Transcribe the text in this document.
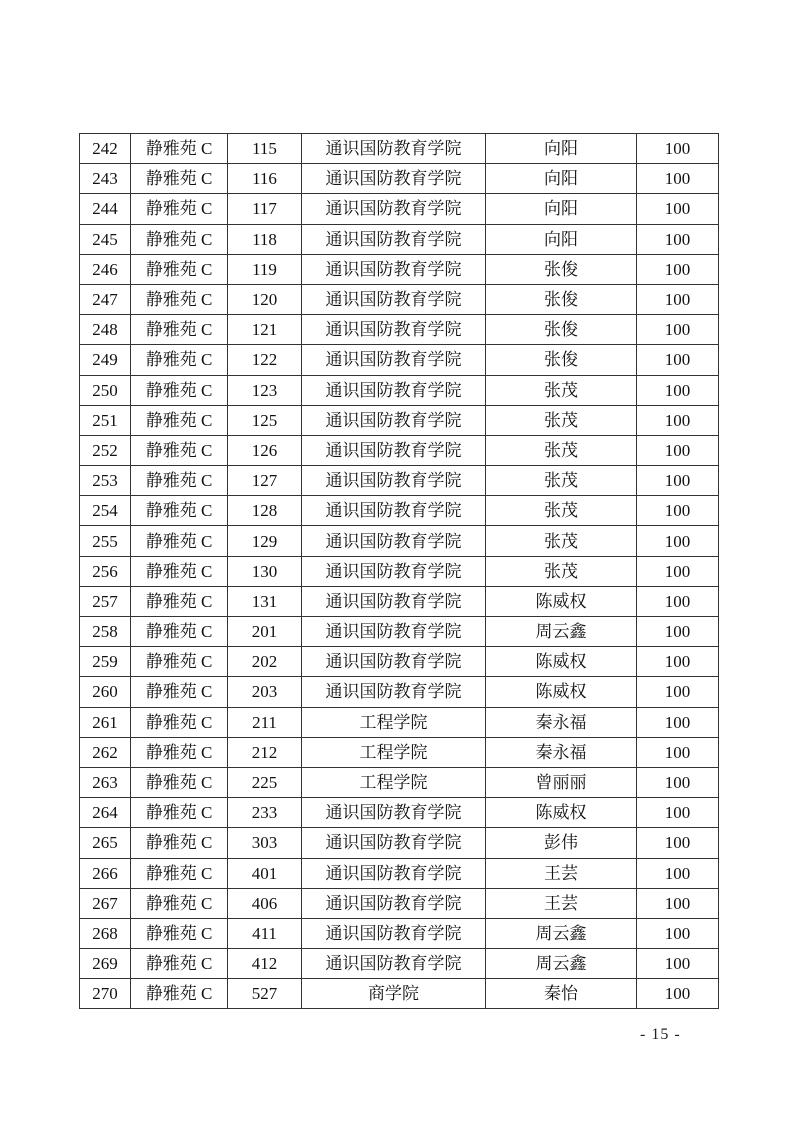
242	静雅苑 C	115	通识国防教育学院	向阳	100
243	静雅苑 C	116	通识国防教育学院	向阳	100
244	静雅苑 C	117	通识国防教育学院	向阳	100
245	静雅苑 C	118	通识国防教育学院	向阳	100
246	静雅苑 C	119	通识国防教育学院	张俊	100
247	静雅苑 C	120	通识国防教育学院	张俊	100
248	静雅苑 C	121	通识国防教育学院	张俊	100
249	静雅苑 C	122	通识国防教育学院	张俊	100
250	静雅苑 C	123	通识国防教育学院	张茂	100
251	静雅苑 C	125	通识国防教育学院	张茂	100
252	静雅苑 C	126	通识国防教育学院	张茂	100
253	静雅苑 C	127	通识国防教育学院	张茂	100
254	静雅苑 C	128	通识国防教育学院	张茂	100
255	静雅苑 C	129	通识国防教育学院	张茂	100
256	静雅苑 C	130	通识国防教育学院	张茂	100
257	静雅苑 C	131	通识国防教育学院	陈威权	100
258	静雅苑 C	201	通识国防教育学院	周云鑫	100
259	静雅苑 C	202	通识国防教育学院	陈威权	100
260	静雅苑 C	203	通识国防教育学院	陈威权	100
261	静雅苑 C	211	工程学院	秦永福	100
262	静雅苑 C	212	工程学院	秦永福	100
263	静雅苑 C	225	工程学院	曾丽丽	100
264	静雅苑 C	233	通识国防教育学院	陈威权	100
265	静雅苑 C	303	通识国防教育学院	彭伟	100
266	静雅苑 C	401	通识国防教育学院	王芸	100
267	静雅苑 C	406	通识国防教育学院	王芸	100
268	静雅苑 C	411	通识国防教育学院	周云鑫	100
269	静雅苑 C	412	通识国防教育学院	周云鑫	100
270	静雅苑 C	527	商学院	秦怡	100
- 15 -
